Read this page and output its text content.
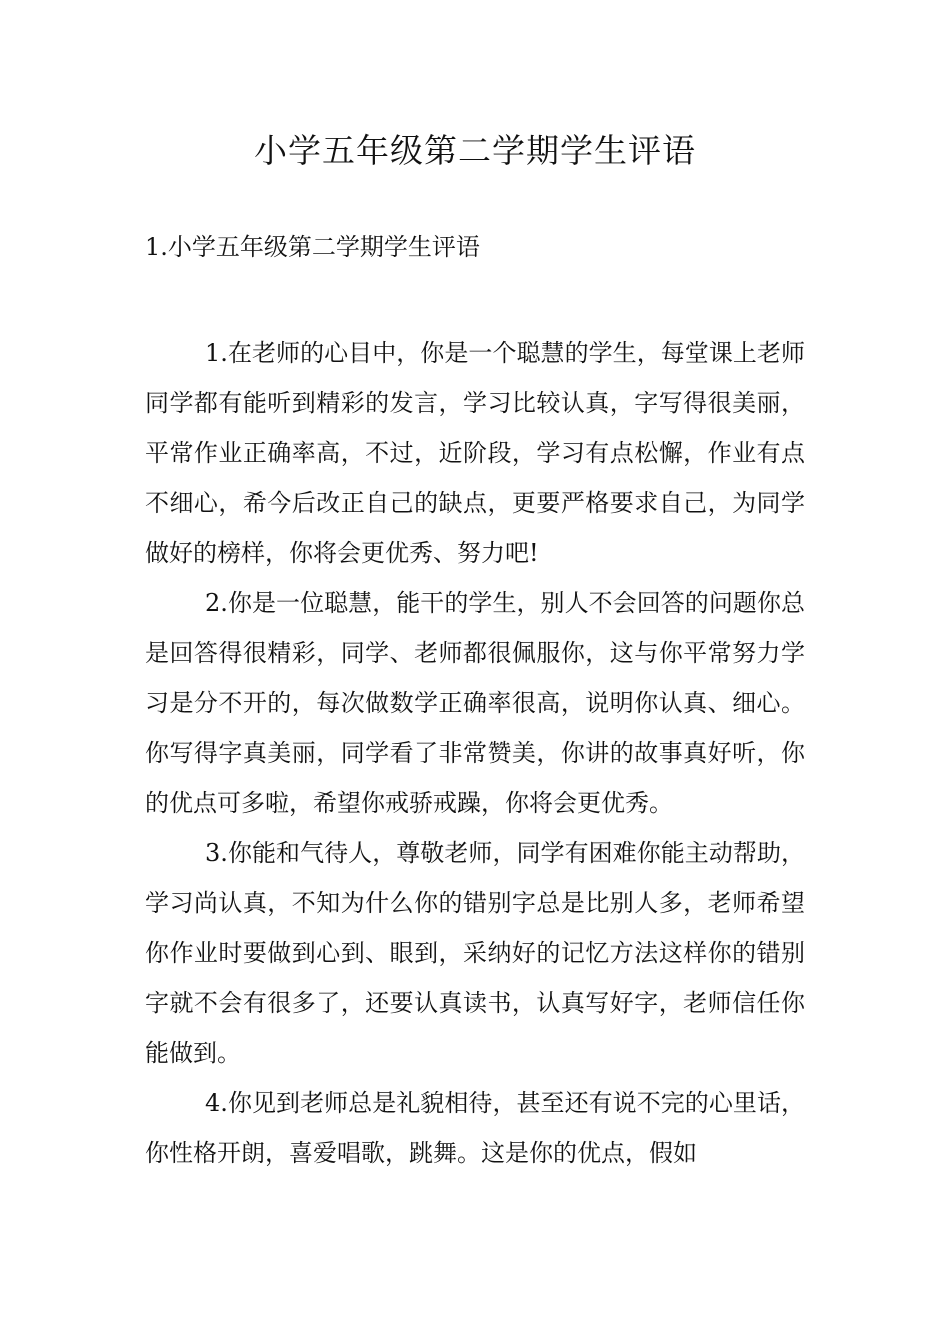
小学五年级第二学期学生评语

1.小学五年级第二学期学生评语

1.在老师的心目中，你是一个聪慧的学生，每堂课上老师同学都有能听到精彩的发言，学习比较认真，字写得很美丽，平常作业正确率高，不过，近阶段，学习有点松懈，作业有点不细心，希今后改正自己的缺点，更要严格要求自己，为同学做好的榜样，你将会更优秀、努力吧!

2.你是一位聪慧，能干的学生，别人不会回答的问题你总是回答得很精彩，同学、老师都很佩服你，这与你平常努力学习是分不开的，每次做数学正确率很高，说明你认真、细心。你写得字真美丽，同学看了非常赞美，你讲的故事真好听，你的优点可多啦，希望你戒骄戒躁，你将会更优秀。

3.你能和气待人，尊敬老师，同学有困难你能主动帮助，学习尚认真，不知为什么你的错别字总是比别人多，老师希望你作业时要做到心到、眼到，采纳好的记忆方法这样你的错别字就不会有很多了，还要认真读书，认真写好字，老师信任你能做到。

4.你见到老师总是礼貌相待，甚至还有说不完的心里话，你性格开朗，喜爱唱歌，跳舞。这是你的优点，假如
